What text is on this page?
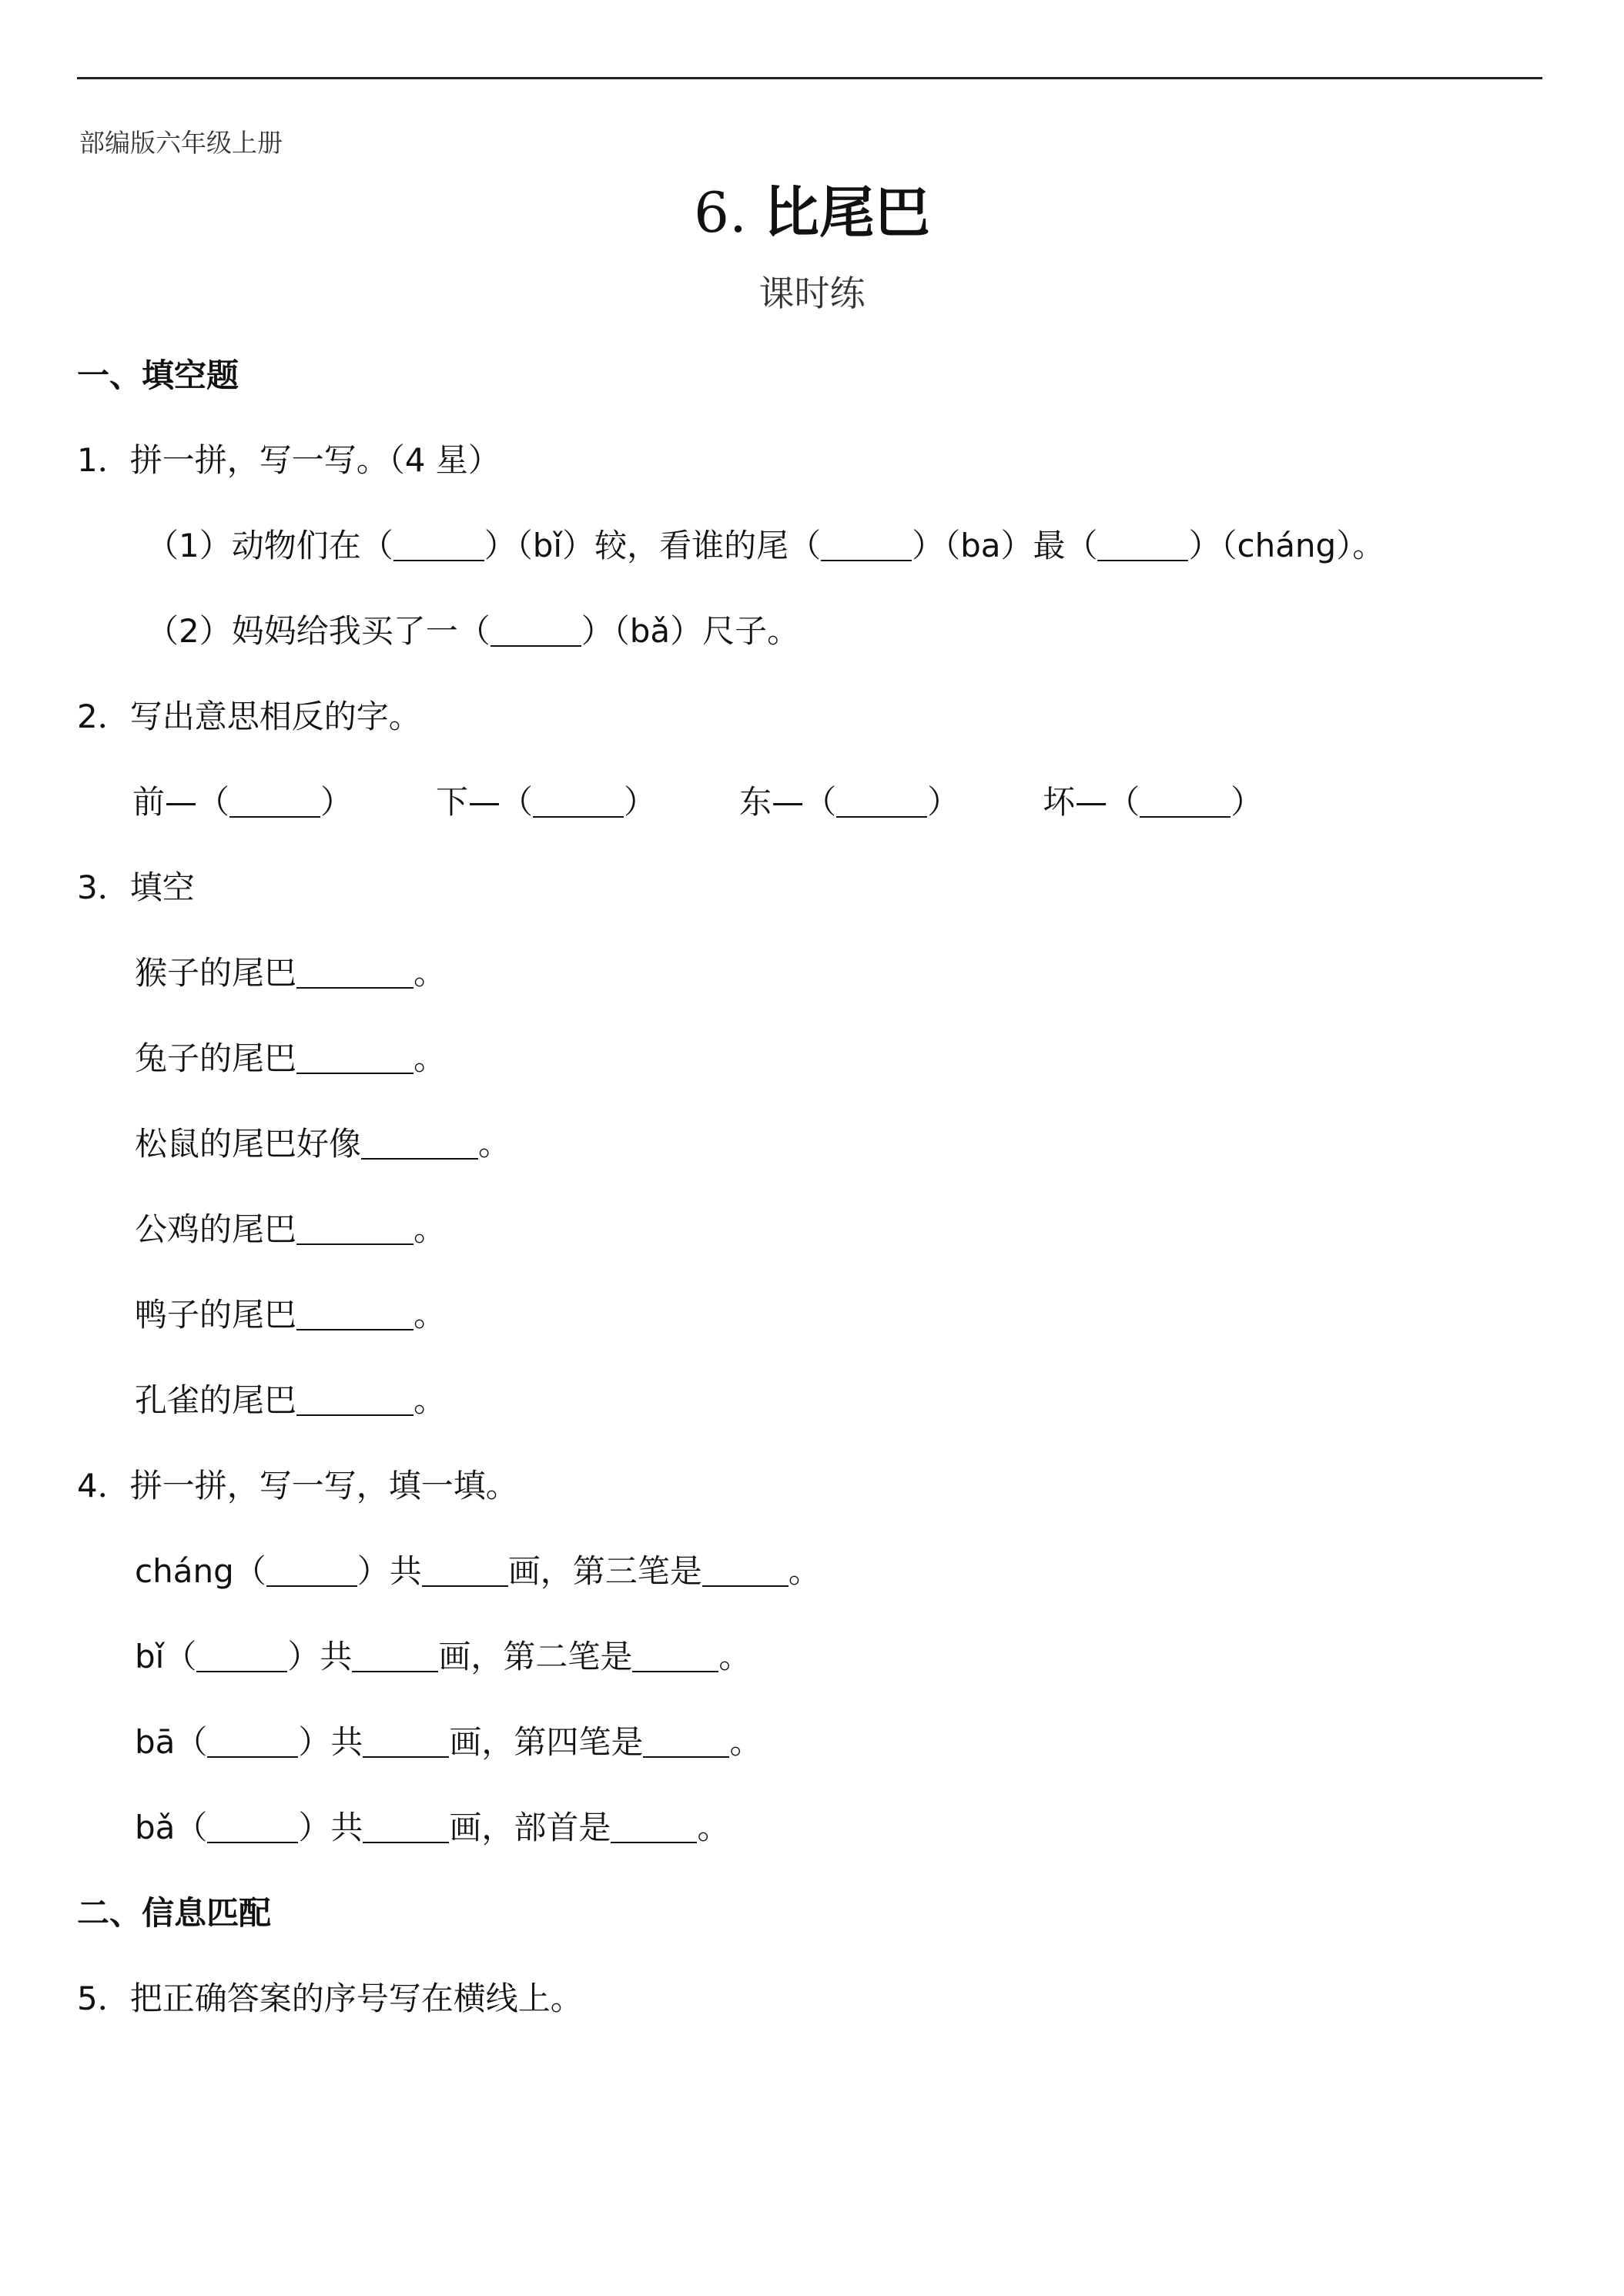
部编版六年级上册
6. 比尾巴
课时练
一、填空题
1．拼一拼，写一写。（4 星）
（1）动物们在（	）（bǐ）较，看谁的尾（	）（ba）最（	）（cháng）。
（2）妈妈给我买了一（	）（bǎ）尺子。
2．写出意思相反的字。
前—（	）	下—（	）	东—（	）	坏—（	）
3．填空
猴子的尾巴	。
兔子的尾巴	。
松鼠的尾巴好像	。
公鸡的尾巴	。
鸭子的尾巴	。
孔雀的尾巴	。
4．拼一拼，写一写，填一填。
cháng（	）共	画，第三笔是	。
bǐ（	）共	画，第二笔是	。
bā（	）共	画，第四笔是	。
bǎ（	）共	画，部首是	。
二、信息匹配
5．把正确答案的序号写在横线上。
